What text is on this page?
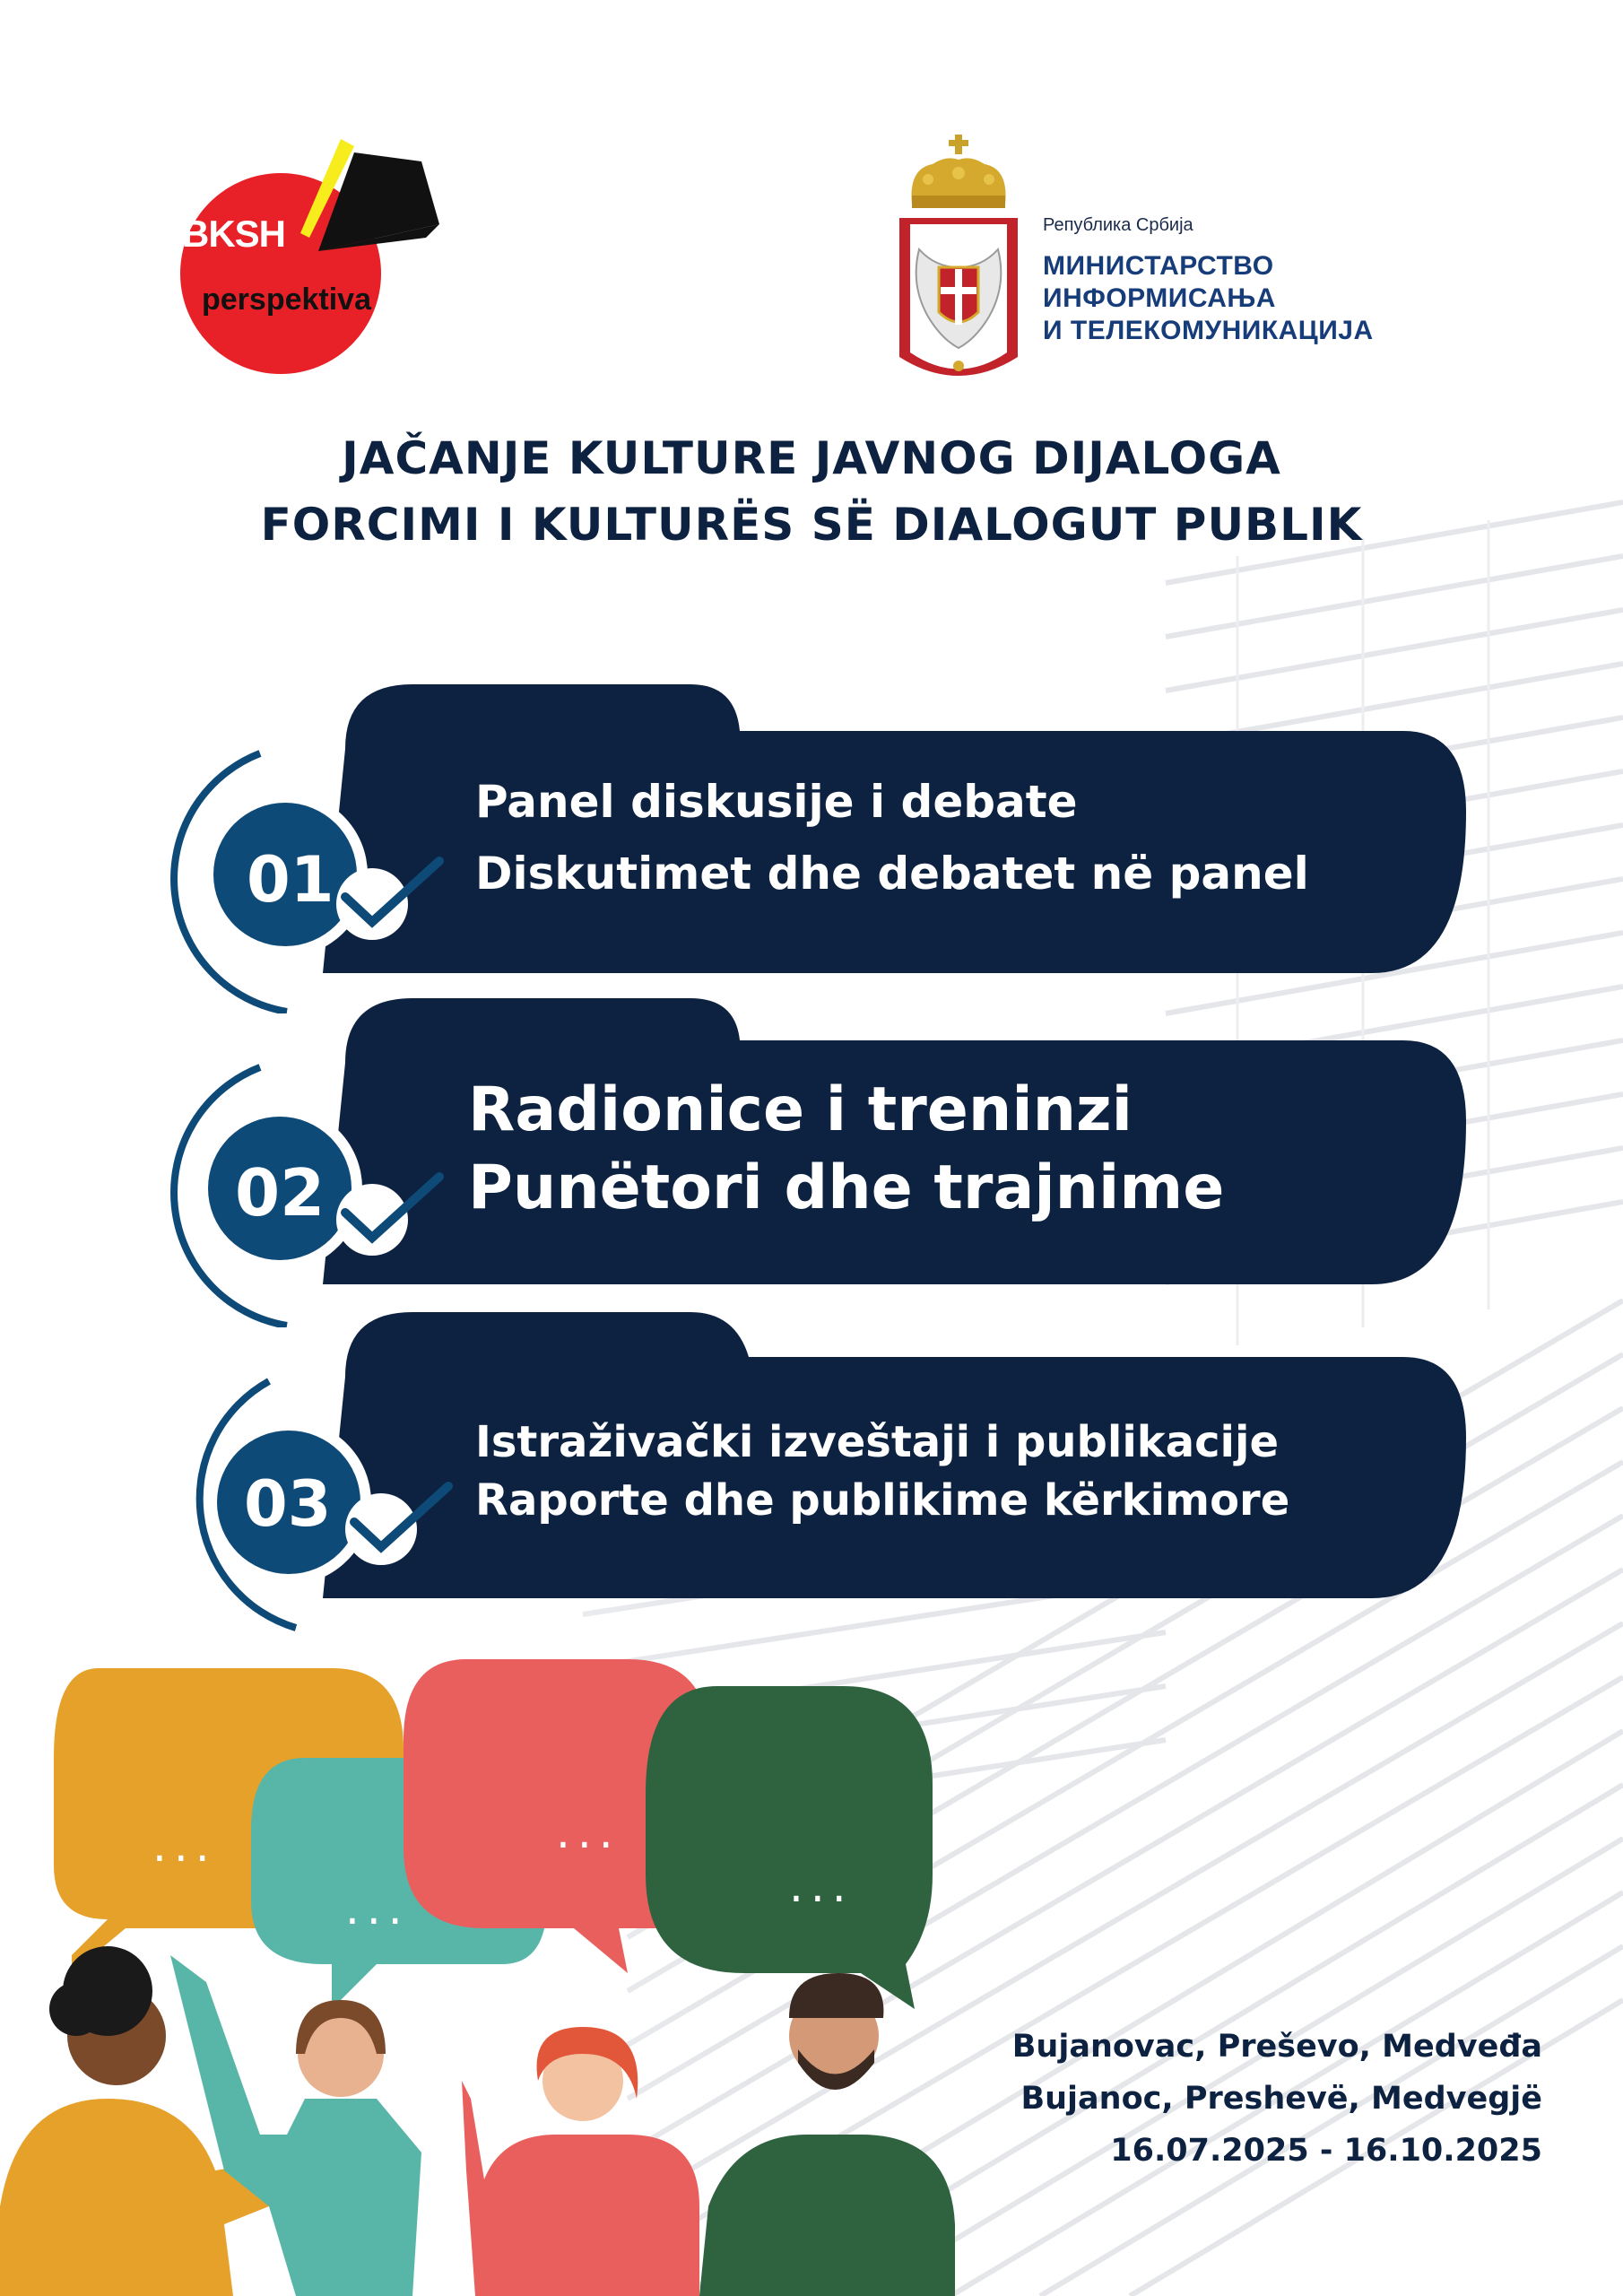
BKSH
perspektiva
Република Србија
МИНИСТАРСТВО
ИНФОРМИСАЊА
И ТЕЛЕКОМУНИКАЦИЈА
JAČANJE KULTURE JAVNOG DIJALOGA
FORCIMI I KULTURËS SË DIALOGUT PUBLIK
01
Panel diskusije i debate
Diskutimet dhe debatet në panel
02
Radionice i treninzi
Punëtori dhe trajnime
03
Istraživački izveštaji i publikacije
Raporte dhe publikime kërkimore
...
...
...
...
Bujanovac, Preševo, Medveđa
Bujanoc, Preshevë, Medvegjë
16.07.2025 - 16.10.2025
